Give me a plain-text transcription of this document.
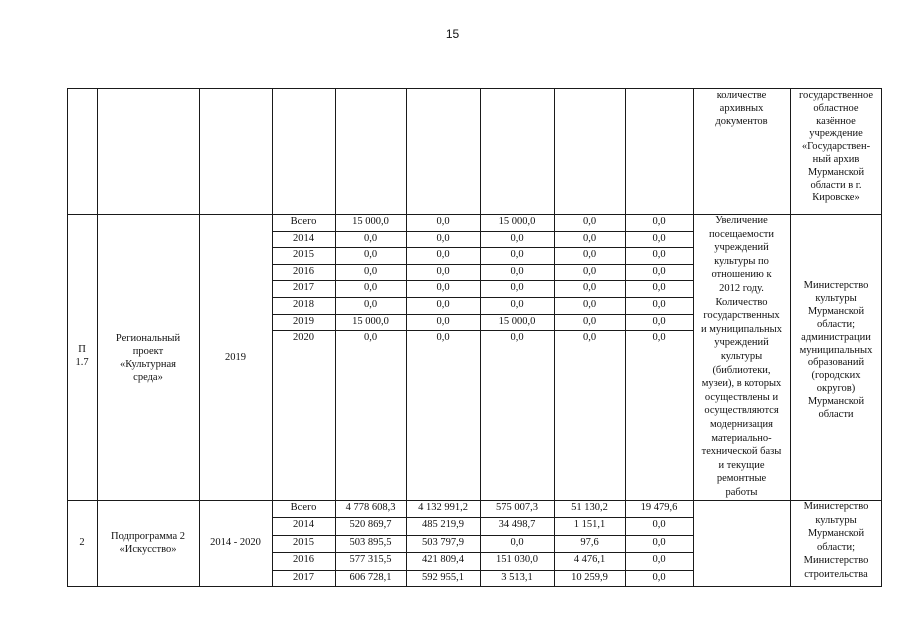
15
количестве
архивных
документов
государственное
областное
казённое
учреждение
«Государствен-
ный архив
Мурманской
области в г.
Кировске»
П
1.7
Региональный
проект
«Культурная
среда»
2019
Всего	15 000,0	0,0	15 000,0	0,0	0,0
2014	0,0	0,0	0,0	0,0	0,0
2015	0,0	0,0	0,0	0,0	0,0
2016	0,0	0,0	0,0	0,0	0,0
2017	0,0	0,0	0,0	0,0	0,0
2018	0,0	0,0	0,0	0,0	0,0
2019	15 000,0	0,0	15 000,0	0,0	0,0
2020	0,0	0,0	0,0	0,0	0,0
Увеличение
посещаемости
учреждений
культуры по
отношению к
2012 году.
Количество
государственных
и муниципальных
учреждений
культуры
(библиотеки,
музеи), в которых
осуществлены и
осуществляются
модернизация
материально-
технической базы
и текущие
ремонтные
работы
Министерство
культуры
Мурманской
области;
администрации
муниципальных
образований
(городских
округов)
Мурманской
области
2
Подпрограмма 2
«Искусство»
2014 - 2020
Всего	4 778 608,3	4 132 991,2	575 007,3	51 130,2	19 479,6
2014	520 869,7	485 219,9	34 498,7	1 151,1	0,0
2015	503 895,5	503 797,9	0,0	97,6	0,0
2016	577 315,5	421 809,4	151 030,0	4 476,1	0,0
2017	606 728,1	592 955,1	3 513,1	10 259,9	0,0
Министерство
культуры
Мурманской
области;
Министерство
строительства
